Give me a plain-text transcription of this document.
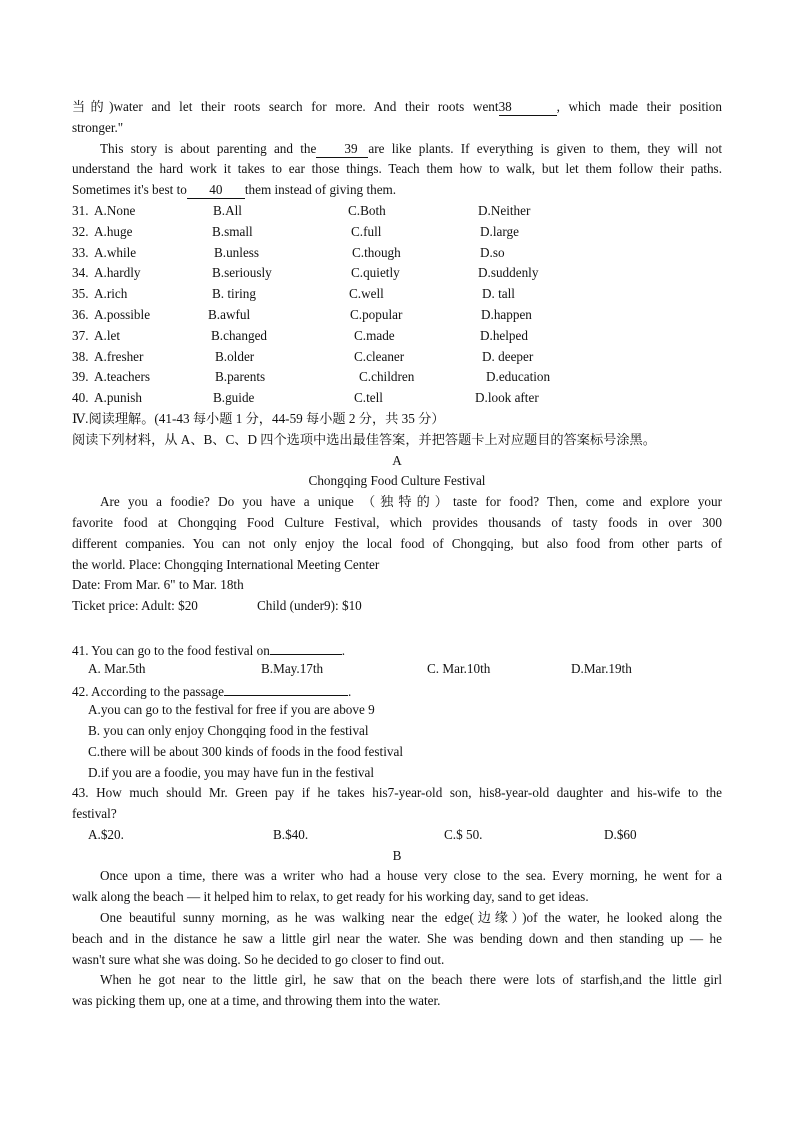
当的)water and let their roots search for more. And their roots went38	, which made their position
stronger."
This story is about parenting and the 39 are like plants. If everything is given to them, they will not
understand the hard work it takes to ear those things. Teach them how to walk, but let them follow their paths.
Sometimes it's best to 40 them instead of giving them.
31. A.None	B.All	C.Both	D.Neither
32. A.huge	B.small	C.full	D.large
33. A.while	B.unless	C.though	D.so
34. A.hardly	B.seriously	C.quietly	D.suddenly
35. A.rich	B. tiring	C.well	D. tall
36. A.possible	B.awful	C.popular	D.happen
37. A.let	B.changed	C.made	D.helped
38. A.fresher	B.older	C.cleaner	D. deeper
39. A.teachers	B.parents	C.children	D.education
40. A.punish	B.guide	C.tell	D.look after
Ⅳ.阅读理解。(41-43 每小题 1 分，44-59 每小题 2 分，共 35 分）
阅读下列材料，从 A、B、C、D 四个选项中选出最佳答案，并把答题卡上对应题目的答案标号涂黑。
A
Chongqing Food Culture Festival
Are you a foodie? Do you have a unique （独特的）taste for food? Then, come and explore your
favorite food at Chongqing Food Culture Festival, which provides thousands of tasty foods in over 300
different companies. You can not only enjoy the local food of Chongqing, but also food from other parts of
the world. Place: Chongqing International Meeting Center
Date: From Mar. 6" to Mar. 18th
Ticket price: Adult: $20	Child (under9): $10
41. You can go to the food festival on	.
A. Mar.5th	B.May.17th	C. Mar.10th	D.Mar.19th
42. According to the passage	.
A.you can go to the festival for free if you are above 9
B. you can only enjoy Chongqing food in the festival
C.there will be about 300 kinds of foods in the food festival
D.if you are a foodie, you may have fun in the festival
43. How much should Mr. Green pay if he takes his7-year-old son, his8-year-old daughter and his-wife to the
festival?
A.$20.	B.$40.	C.$ 50.	D.$60
B
Once upon a time, there was a writer who had a house very close to the sea. Every morning, he went for a
walk along the beach — it helped him to relax, to get ready for his working day, sand to get ideas.
One beautiful sunny morning, as he was walking near the edge(边缘）)of the water, he looked along the
beach and in the distance he saw a little girl near the water. She was bending down and then standing up — he
wasn't sure what she was doing. So he decided to go closer to find out.
When he got near to the little girl, he saw that on the beach there were lots of starfish,and the little girl
was picking them up, one at a time, and throwing them into the water.
